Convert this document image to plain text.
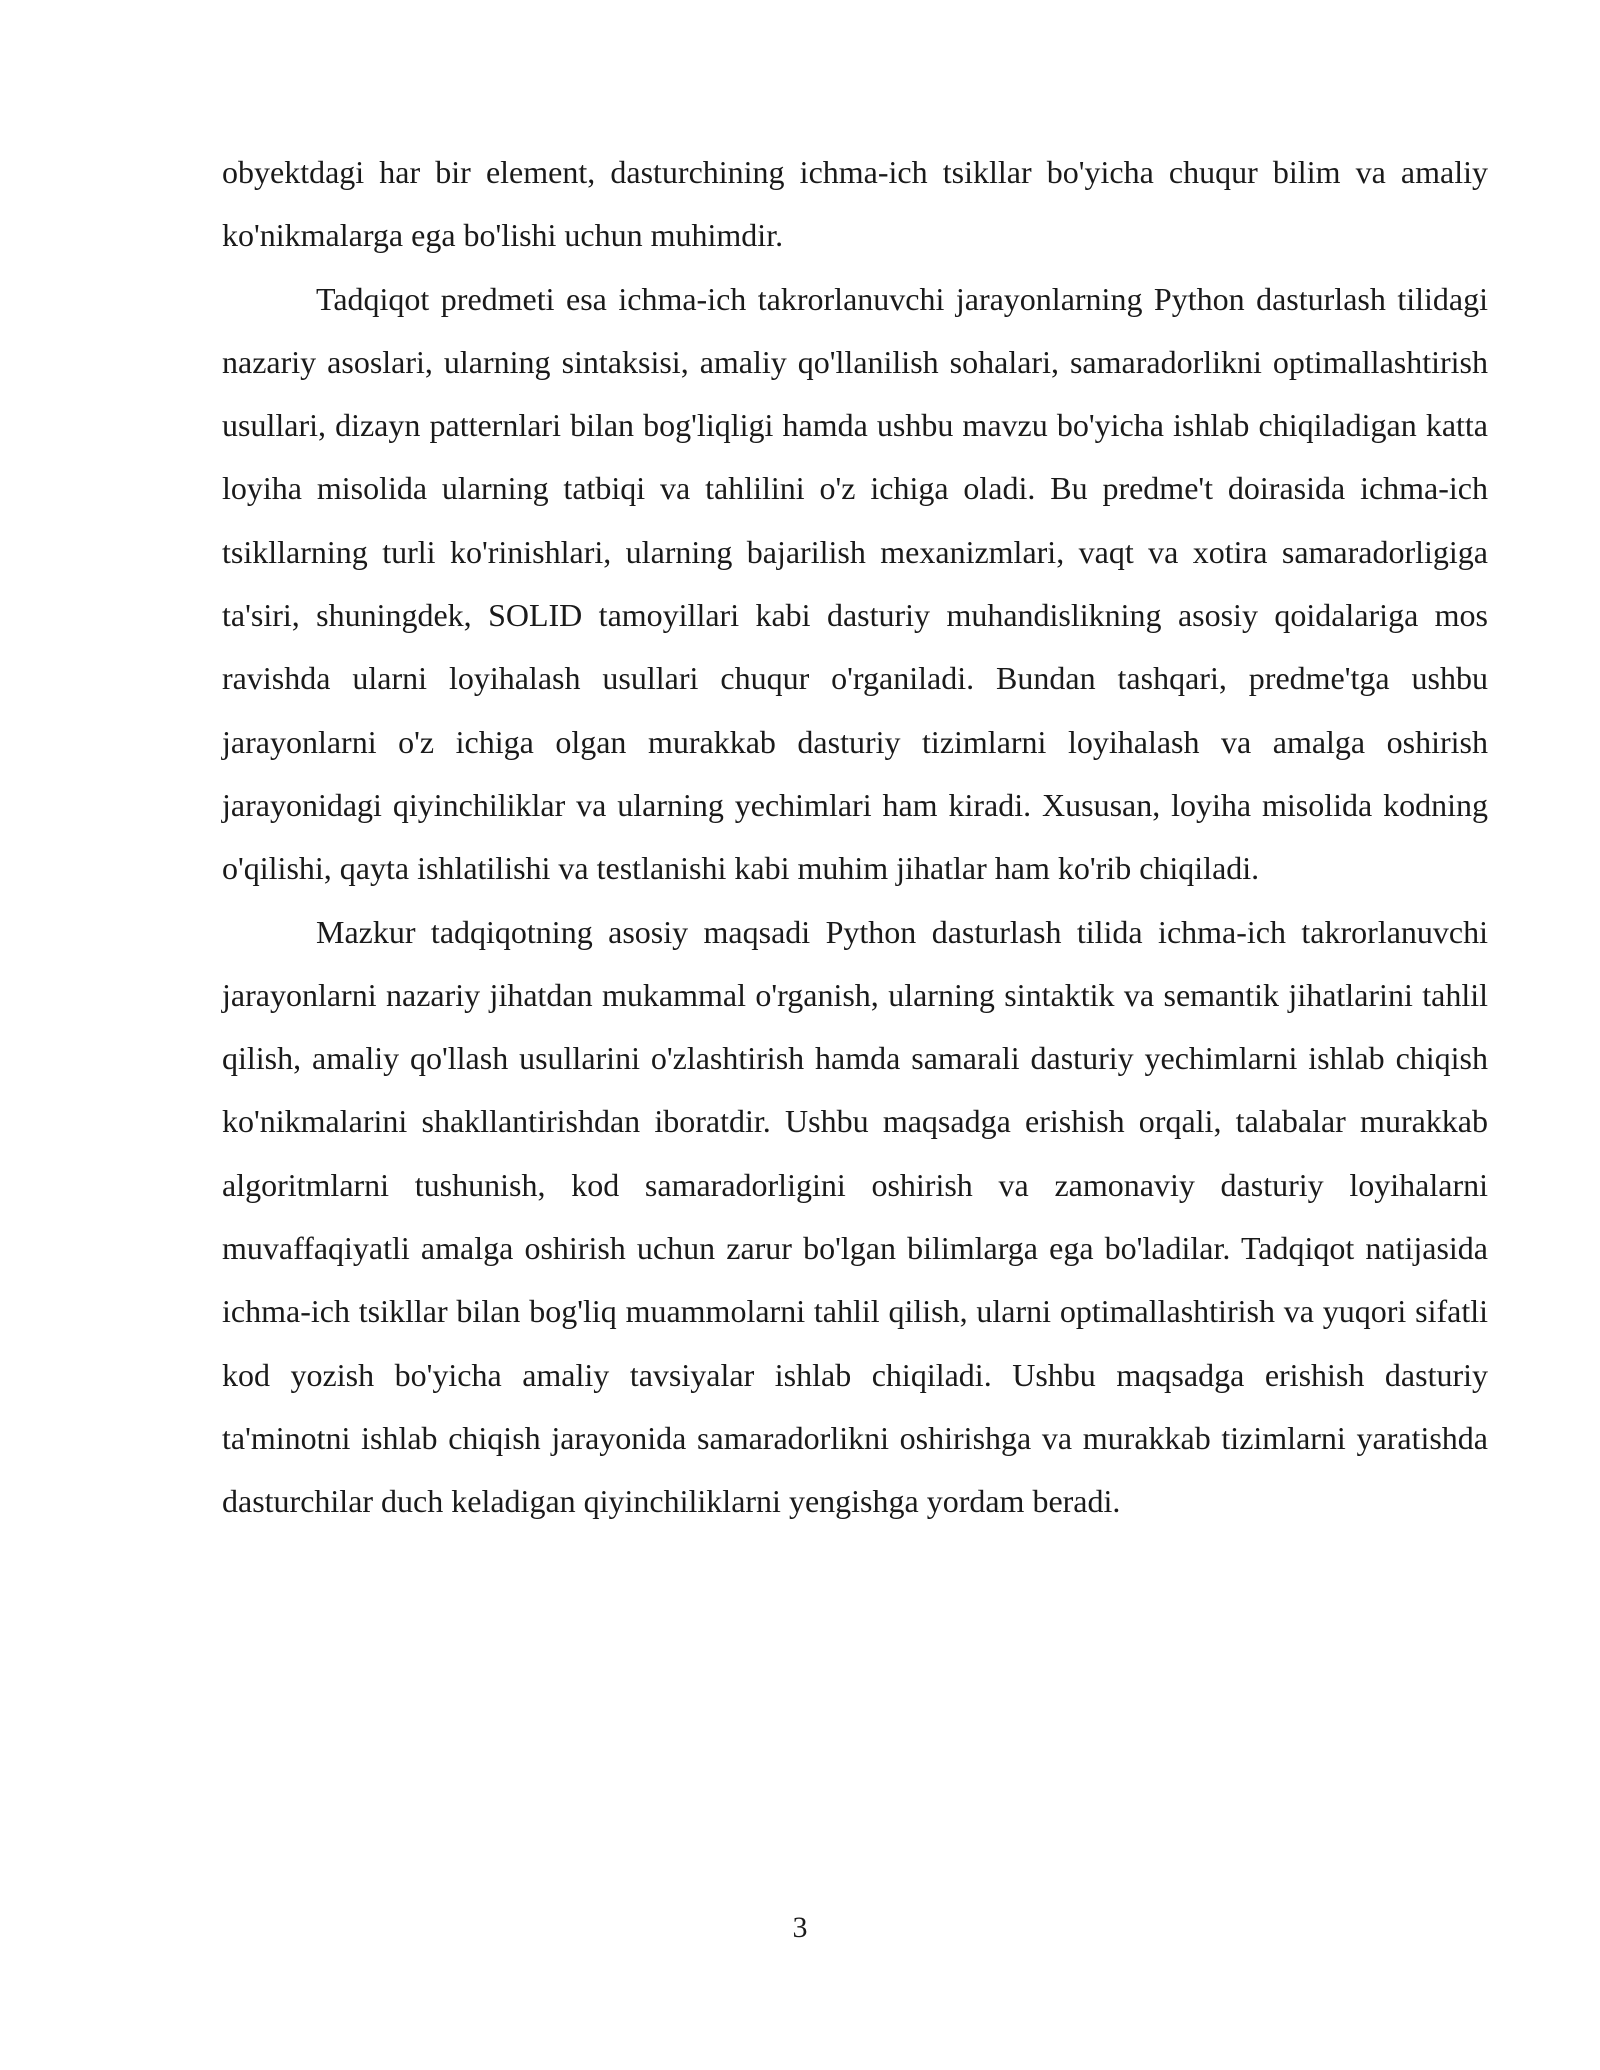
obyektdagi har bir element, dasturchining ichma-ich tsikllar bo'yicha chuqur bilim va amaliy ko'nikmalarga ega bo'lishi uchun muhimdir.

Tadqiqot predmeti esa ichma-ich takrorlanuvchi jarayonlarning Python dasturlash tilidagi nazariy asoslari, ularning sintaksisi, amaliy qo'llanilish sohalari, samaradorlikni optimallashtirish usullari, dizayn patternlari bilan bog'liqligi hamda ushbu mavzu bo'yicha ishlab chiqiladigan katta loyiha misolida ularning tatbiqi va tahlilini o'z ichiga oladi. Bu predme't doirasida ichma-ich tsikllarning turli ko'rinishlari, ularning bajarilish mexanizmlari, vaqt va xotira samaradorligiga ta'siri, shuningdek, SOLID tamoyillari kabi dasturiy muhandislikning asosiy qoidalariga mos ravishda ularni loyihalash usullari chuqur o'rganiladi. Bundan tashqari, predme'tga ushbu jarayonlarni o'z ichiga olgan murakkab dasturiy tizimlarni loyihalash va amalga oshirish jarayonidagi qiyinchiliklar va ularning yechimlari ham kiradi. Xususan, loyiha misolida kodning o'qilishi, qayta ishlatilishi va testlanishi kabi muhim jihatlar ham ko'rib chiqiladi.

Mazkur tadqiqotning asosiy maqsadi Python dasturlash tilida ichma-ich takrorlanuvchi jarayonlarni nazariy jihatdan mukammal o'rganish, ularning sintaktik va semantik jihatlarini tahlil qilish, amaliy qo'llash usullarini o'zlashtirish hamda samarali dasturiy yechimlarni ishlab chiqish ko'nikmalarini shakllantirishdan iboratdir. Ushbu maqsadga erishish orqali, talabalar murakkab algoritmlarni tushunish, kod samaradorligini oshirish va zamonaviy dasturiy loyihalarni muvaffaqiyatli amalga oshirish uchun zarur bo'lgan bilimlarga ega bo'ladilar. Tadqiqot natijasida ichma-ich tsikllar bilan bog'liq muammolarni tahlil qilish, ularni optimallashtirish va yuqori sifatli kod yozish bo'yicha amaliy tavsiyalar ishlab chiqiladi. Ushbu maqsadga erishish dasturiy ta'minotni ishlab chiqish jarayonida samaradorlikni oshirishga va murakkab tizimlarni yaratishda dasturchilar duch keladigan qiyinchiliklarni yengishga yordam beradi.

3
